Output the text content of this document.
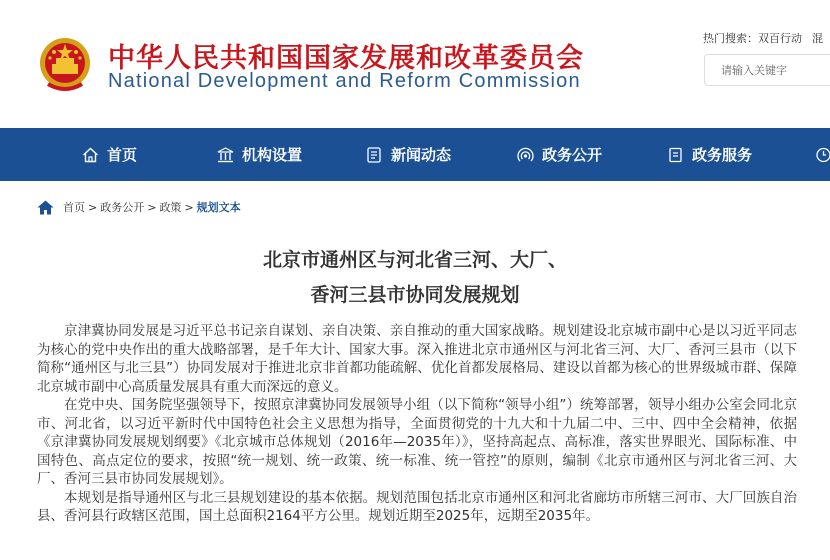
中华人民共和国国家发展和改革委员会
National Development and Reform Commission
热门搜索：双百行动 混
请输入关键字
首页	机构设置	新闻动态	政务公开	政务服务
首页 > 政务公开 > 政策 > 规划文本
北京市通州区与河北省三河、大厂、
香河三县市协同发展规划

京津冀协同发展是习近平总书记亲自谋划、亲自决策、亲自推动的重大国家战略。规划建设北京城市副中心是以习近平同志为核心的党中央作出的重大战略部署，是千年大计、国家大事。深入推进北京市通州区与河北省三河、大厂、香河三县市（以下简称“通州区与北三县”）协同发展对于推进北京非首都功能疏解、优化首都发展格局、建设以首都为核心的世界级城市群、保障北京城市副中心高质量发展具有重大而深远的意义。

在党中央、国务院坚强领导下，按照京津冀协同发展领导小组（以下简称“领导小组”）统筹部署，领导小组办公室会同北京市、河北省，以习近平新时代中国特色社会主义思想为指导，全面贯彻党的十九大和十九届二中、三中、四中全会精神，依据《京津冀协同发展规划纲要》《北京城市总体规划（2016年—2035年）》，坚持高起点、高标准，落实世界眼光、国际标准、中国特色、高点定位的要求，按照“统一规划、统一政策、统一标准、统一管控”的原则，编制《北京市通州区与河北省三河、大厂、香河三县市协同发展规划》。

本规划是指导通州区与北三县规划建设的基本依据。规划范围包括北京市通州区和河北省廊坊市所辖三河市、大厂回族自治县、香河县行政辖区范围，国土总面积2164平方公里。规划近期至2025年，远期至2035年。
